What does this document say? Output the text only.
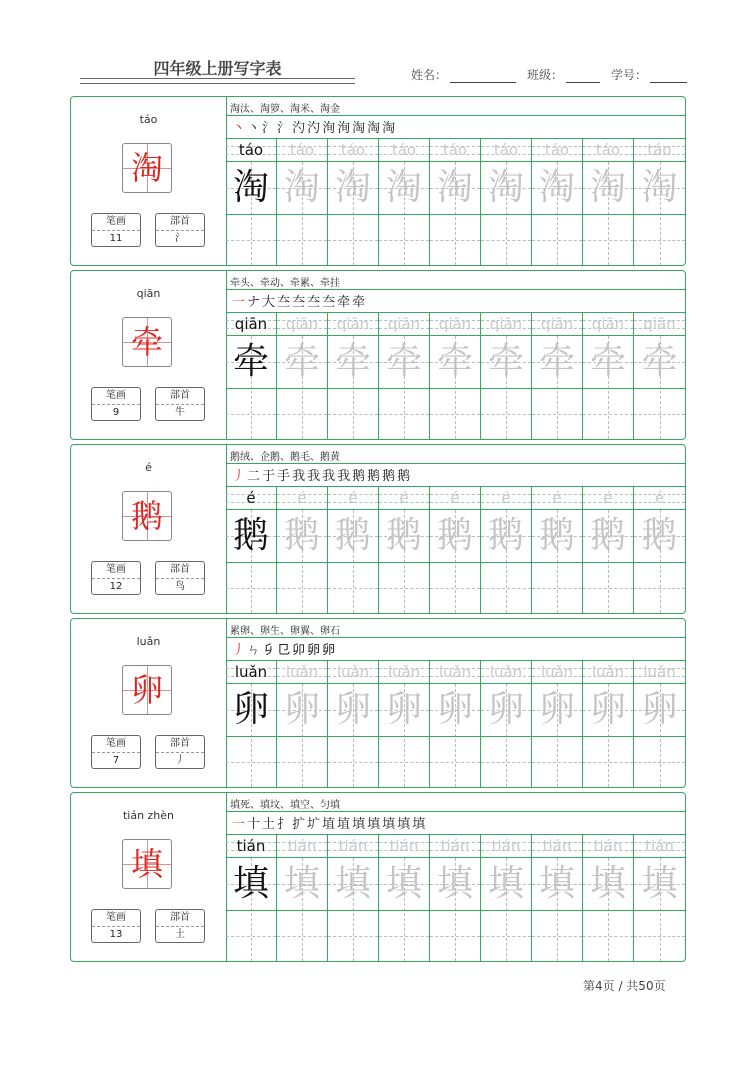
四年级上册写字表	姓名：	班级：	学号：
táo
淘
笔画
11
部首
氵
淘汰、淘箩、淘米、淘金
丶丶氵氵汋汋洵洵淘淘淘
táo
淘
táo
淘
táo
淘
táo
淘
táo
淘
táo
淘
táo
淘
táo
淘
táo
淘
qiān
牵
笔画
9
部首
牛
牵头、牵动、牵累、牵挂
一ナ大夳夳夳夳牵牵
qiān
牵
qiān
牵
qiān
牵
qiān
牵
qiān
牵
qiān
牵
qiān
牵
qiān
牵
qiān
牵
é
鹅
笔画
12
部首
鸟
鹅绒、企鹅、鹅毛、鹅黄
丿二于手我我我我鹅鹅鹅鹅
é
鹅
é
鹅
é
鹅
é
鹅
é
鹅
é
鹅
é
鹅
é
鹅
é
鹅
luǎn
卵
笔画
7
部首
丿
累卵、卵生、卵翼、卵石
丿ㄣ𠂎㔾卯卵卵
luǎn
卵
luǎn
卵
luǎn
卵
luǎn
卵
luǎn
卵
luǎn
卵
luǎn
卵
luǎn
卵
luǎn
卵
tián zhèn
填
笔画
13
部首
土
填死、填坟、填空、匀填
一十土扌扩圹埴埴填填填填填
tián
填
tián
填
tián
填
tián
填
tián
填
tián
填
tián
填
tián
填
tián
填
第4页 / 共50页
